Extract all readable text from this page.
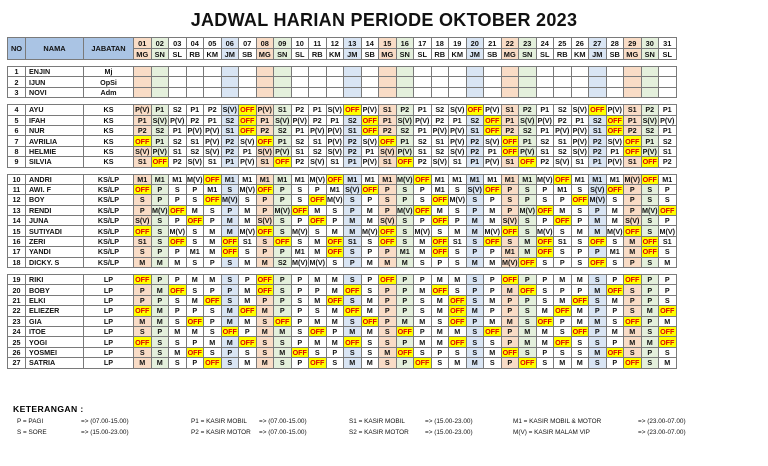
JADWAL HARIAN PERIODE OKTOBER 2023
NO	NAMA	JABATAN	01	02	03	04	05	06	07	08	09	10	11	12	13	14	15	16	17	18	19	20	21	22	23	24	25	26	27	28	29	30	31
			MG	SN	SL	RB	KM	JM	SB	MG	SN	SL	RB	KM	JM	SB	MG	SN	SL	RB	KM	JM	SB	MG	SN	SL	RB	KM	JM	SB	MG	SN	SL

1	ENJIN	Mj																															
2	IJUN	OpSi																															
3	NOVI	Adm																															

4	AYU	KS	P(V)	P1	S2	P1	P2	S(V)	OFF	P(V)	S1	P2	P1	S(V)	OFF	P(V)	S1	P2	P1	S2	S(V)	OFF	P(V)	S1	P2	P1	S2	S(V)	OFF	P(V)	S1	P2	P1
5	IFAH	KS	P1	S(V)	P(V)	P2	P1	S2	OFF	P1	S(V)	P(V)	P2	P1	S2	OFF	P1	S(V)	P(V)	P2	P1	S2	OFF	P1	S(V)	P(V)	P2	P1	S2	OFF	P1	S(V)	P(V)
6	NUR	KS	P2	S2	P1	P(V)	P(V)	S1	OFF	P2	S2	P1	P(V)	P(V)	S1	OFF	P2	S2	P1	P(V)	P(V)	S1	OFF	P2	S2	P1	P(V)	P(V)	S1	OFF	P2	S2	P1
7	AVRILIA	KS	OFF	P1	S2	S1	P(V)	P2	S(V)	OFF	P1	S2	S1	P(V)	P2	S(V)	OFF	P1	S2	S1	P(V)	P2	S(V)	OFF	P1	S2	S1	P(V)	P2	S(V)	OFF	P1	S2
8	HELMIE	KS	S(V)	P(V)	S1	S2	S(V)	P2	P1	S(V)	P(V)	S1	S2	S(V)	P2	P1	S(V)	P(V)	S1	S2	S(V)	P2	P1	OFF	P(V)	S1	S2	S(V)	P2	P1	OFF	P(V)	S1
9	SILVIA	KS	S1	OFF	P2	S(V)	S1	P1	P(V)	S1	OFF	P2	S(V)	S1	P1	P(V)	S1	OFF	P2	S(V)	S1	P1	P(V)	S1	OFF	P2	S(V)	S1	P1	P(V)	S1	OFF	P2

10	ANDRI	KS/LP	M1	M1	M1	M(V)	OFF	M1	M1	M1	M1	M1	M(V)	OFF	M1	M1	M1	M(V)	OFF	M1	M1	M1	M1	M1	M1	M(V)	OFF	M1	M1	M1	M(V)	OFF	M1
11	AWI. F	KS/LP	OFF	P	S	P	M1	S	M(V)	OFF	P	S	P	M1	S(V)	OFF	P	S	P	M1	S	S(V)	OFF	P	S	P	M1	S	S(V)	OFF	P	S	P
12	BOY	KS/LP	S	P	P	S	OFF	M(V)	S	P	P	S	OFF	M(V)	S	P	S	P	S	OFF	M(V)	S	P	S	P	S	P	OFF	M(V)	S	P	S	S
13	RENDI	KS/LP	P	M(V)	OFF	M	S	P	M	P	M(V)	OFF	M	S	P	M	P	M(V)	OFF	M	S	P	M	P	M(V)	OFF	M	S	P	M	P	M(V)	OFF
14	JUNA	KS/LP	S(V)	S	P	OFF	P	M	M	S(V)	S	P	OFF	P	M	M	S(V)	S	P	OFF	P	M	M	S(V)	S	P	OFF	P	M	M	S(V)	S	P
15	SUTIYADI	KS/LP	OFF	S	M(V)	S	M	M	M(V)	OFF	S	M(V)	S	M	M	M(V)	OFF	S	M(V)	S	M	M	M(V)	OFF	S	M(V)	S	M	M	M(V)	OFF	S	M(V)
16	ZERI	KS/LP	S1	S	OFF	S	M	OFF	S1	S	OFF	S	M	OFF	S1	S	OFF	S	M	OFF	S1	S	OFF	S	M	OFF	S1	S	OFF	S	M	OFF	S1
17	YANDI	KS/LP	S	P	P	M1	M	OFF	S	P	P	M1	M	OFF	S	P	P	M1	M	OFF	S	P	P	M1	M	OFF	S	P	P	M1	M	OFF	S
18	DICKY. S	KS/LP	M	M	M	S	P	S	M	M	S2	M(V)	M(V)	S	P	M	M	M	S	P	S	M	M	M(V)	OFF	S	P	S	OFF	S	P	S	M

19	RIKI	LP	OFF	P	P	M	M	S	P	OFF	P	P	M	M	S	P	OFF	P	P	M	M	S	P	OFF	P	P	M	M	S	P	OFF	P	P
20	BOBY	LP	P	M	OFF	S	P	P	M	OFF	S	P	P	M	OFF	S	P	P	M	OFF	S	P	P	M	OFF	S	P	P	M	OFF	S	P	P
21	ELKI	LP	P	P	S	M	OFF	S	M	P	P	S	M	OFF	S	M	P	P	S	M	OFF	S	M	P	P	S	M	OFF	S	M	P	P	S
22	ELIEZER	LP	OFF	M	P	P	S	M	OFF	M	P	P	S	M	OFF	M	P	P	S	M	OFF	M	P	P	S	M	OFF	M	P	P	S	M	OFF
23	GIA	LP	M	M	S	OFF	P	M	M	S	OFF	P	M	M	S	OFF	P	M	M	S	OFF	P	M	M	S	OFF	P	M	M	S	OFF	P	M
24	ITOE	LP	S	P	M	M	S	OFF	P	M	M	S	OFF	P	M	M	S	OFF	P	M	M	S	OFF	P	M	M	S	OFF	P	M	M	S	OFF
25	YOGI	LP	OFF	S	S	P	M	M	OFF	S	S	P	M	M	OFF	S	S	P	M	M	OFF	S	S	P	M	M	OFF	S	S	P	M	M	OFF
26	YOSMEI	LP	S	S	M	OFF	S	P	S	S	M	OFF	S	P	S	S	M	OFF	S	P	S	S	M	OFF	S	P	S	S	M	OFF	S	P	S
27	SATRIA	LP	M	M	S	P	OFF	S	M	M	S	P	OFF	S	M	M	S	P	OFF	S	M	M	S	P	OFF	S	M	M	S	P	OFF	S	M
KETERANGAN :
P = PAGI	=> (07.00-15.00)
S = SORE	=> (15.00-23.00)
P1 = KASIR MOBIL => (07.00-15.00)
P2 = KASIR MOTOR => (07.00-15.00)
S1 = KASIR MOBIL	=> (15.00-23.00)
S2 = KASIR MOTOR	=> (15.00-23.00)
M1 = KASIR MOBIL & MOTOR	=> (23.00-07.00)
M(V) = KASIR MALAM VIP	=> (23.00-07.00)
